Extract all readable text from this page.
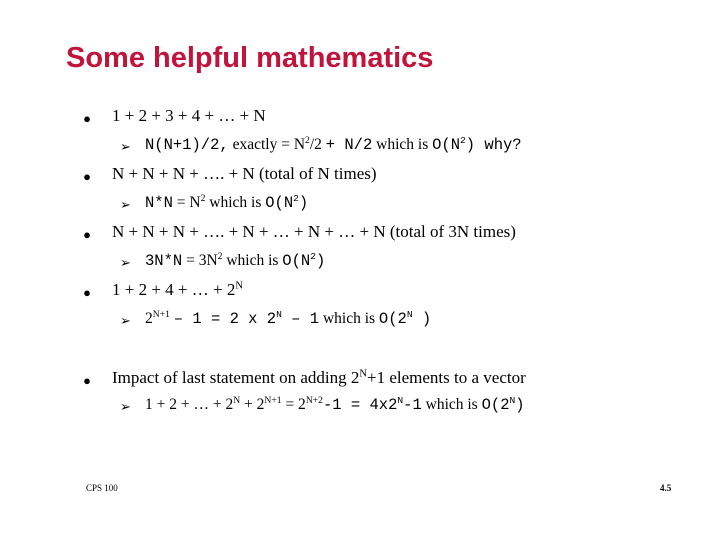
Some helpful mathematics
● 1 + 2 + 3 + 4 + … + N
➢ N(N+1)/2, exactly = $N^2/2 + N/2$ which is $O(N^2)$ why?
● N + N + N + …. + N (total of N times)
➢ $N*N = N^2$ which is $O(N^2)$
● N + N + N + …. + N + … + N + … + N (total of 3N times)
➢ $3N*N = 3N^2$ which is $O(N^2)$
● 1 + 2 + 4 + … + $2^N$
➢ $2^{N+1} - 1 = 2$ x $2^N - 1$ which is $O(2^N$ )
● Impact of last statement on adding $2^N+1$ elements to a vector
➢ 1 + 2 + … + $2^N + 2^{N+1} = 2^{N+2}-1 = 4x2^N-1$ which is $O(2^N)$
CPS 100	4.5
